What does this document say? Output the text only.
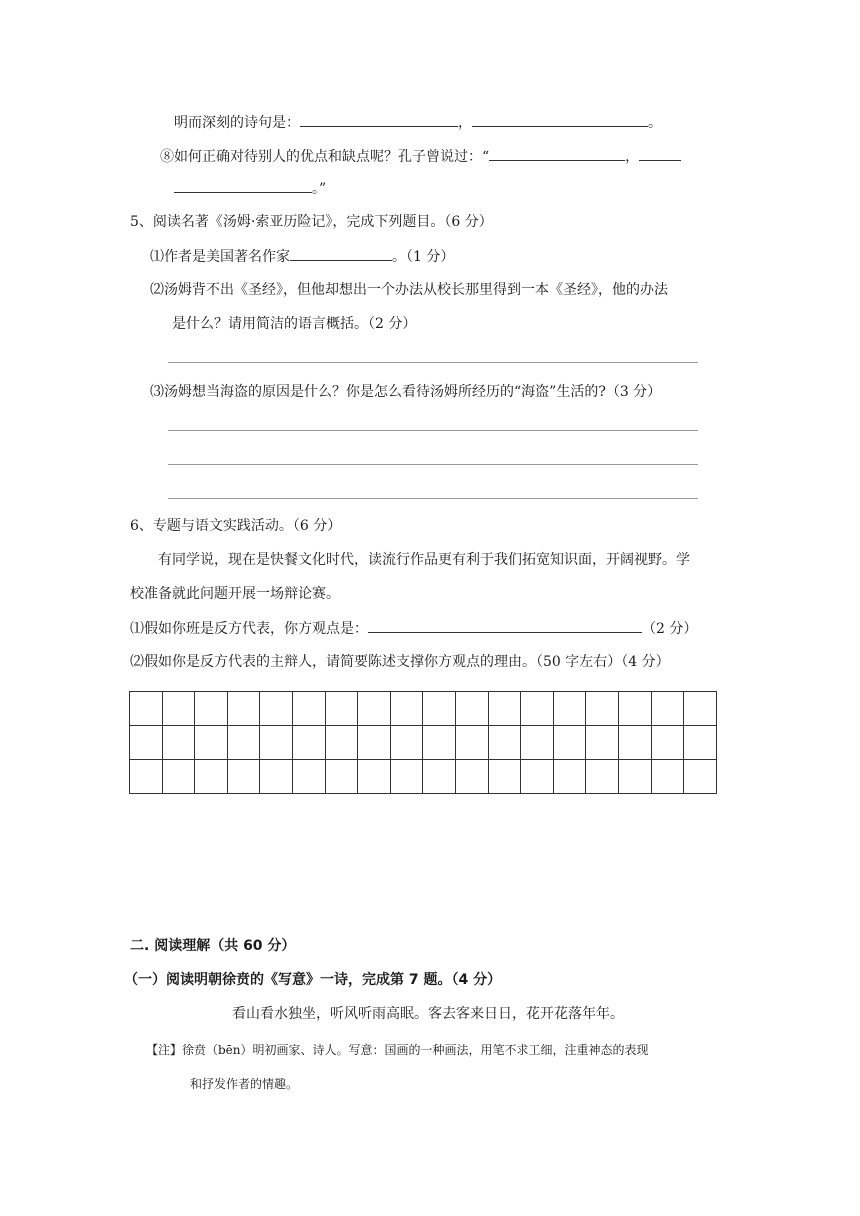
明而深刻的诗句是：	，	。
⑧如何正确对待别人的优点和缺点呢？孔子曾说过：“	，
。”
5、阅读名著《汤姆·索亚历险记》，完成下列题目。（6 分）
⑴作者是美国著名作家	。（1 分）
⑵汤姆背不出《圣经》，但他却想出一个办法从校长那里得到一本《圣经》，他的办法
是什么？请用简洁的语言概括。（2 分）
⑶汤姆想当海盗的原因是什么？你是怎么看待汤姆所经历的“海盗”生活的?（3 分）
6、专题与语文实践活动。（6 分）
有同学说，现在是快餐文化时代，读流行作品更有利于我们拓宽知识面，开阔视野。学
校准备就此问题开展一场辩论赛。
⑴假如你班是反方代表，你方观点是：	（2 分）
⑵假如你是反方代表的主辩人，请简要陈述支撑你方观点的理由。（50 字左右）（4 分）

二. 阅读理解（共 60 分）
（一）阅读明朝徐贲的《写意》一诗，完成第 7 题。（4 分）
看山看水独坐，听风听雨高眠。客去客来日日，花开花落年年。
【注】徐贲（bēn）明初画家、诗人。写意：国画的一种画法，用笔不求工细，注重神态的表现
和抒发作者的情趣。
